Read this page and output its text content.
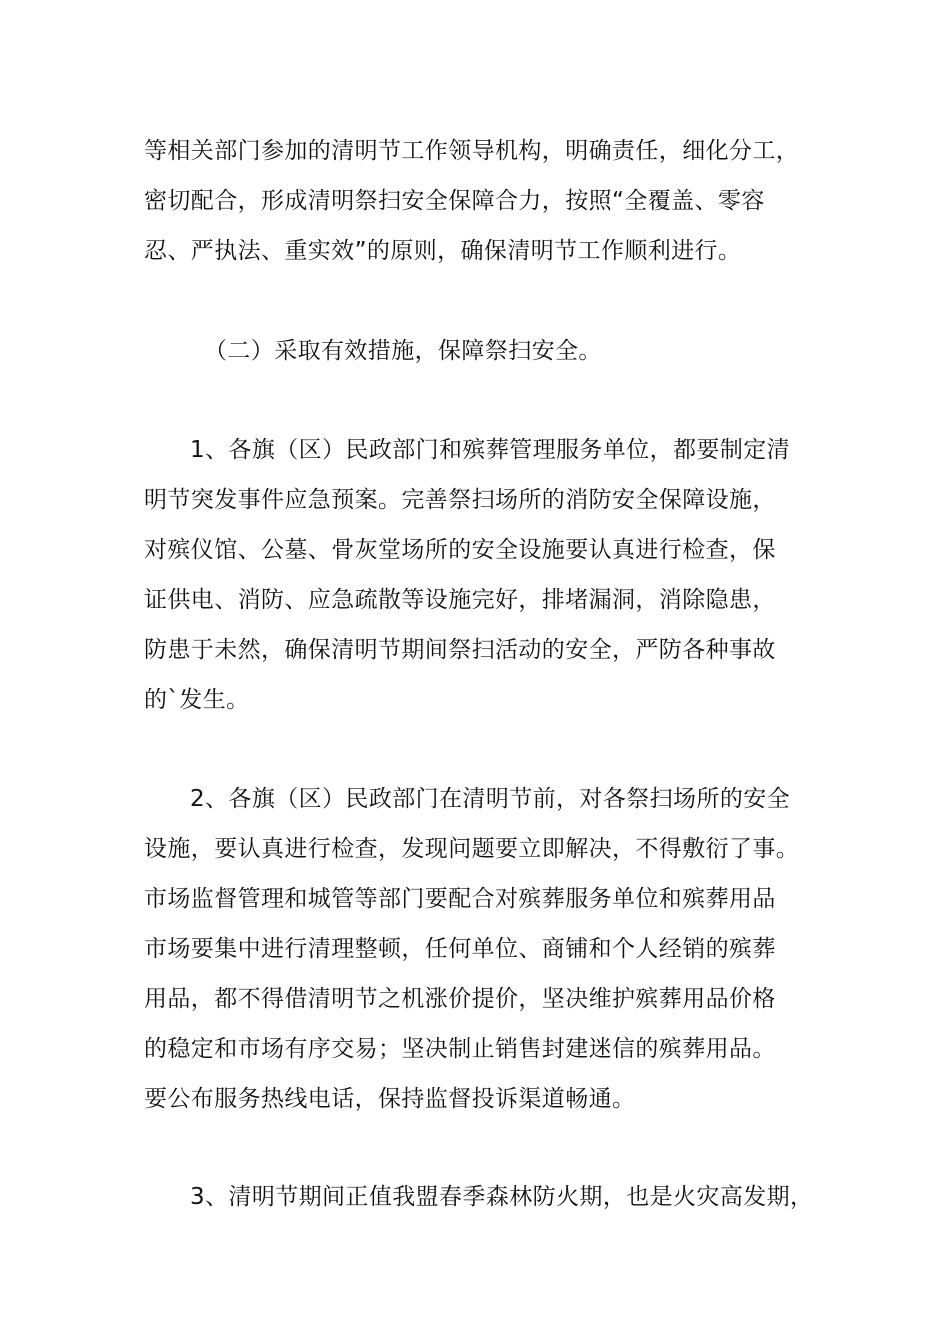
等相关部门参加的清明节工作领导机构，明确责任，细化分工，
密切配合，形成清明祭扫安全保障合力，按照“全覆盖、零容
忍、严执法、重实效”的原则，确保清明节工作顺利进行。
（二）采取有效措施，保障祭扫安全。
1、各旗（区）民政部门和殡葬管理服务单位，都要制定清
明节突发事件应急预案。完善祭扫场所的消防安全保障设施，
对殡仪馆、公墓、骨灰堂场所的安全设施要认真进行检查，保
证供电、消防、应急疏散等设施完好，排堵漏洞，消除隐患，
防患于未然，确保清明节期间祭扫活动的安全，严防各种事故
的`发生。
2、各旗（区）民政部门在清明节前，对各祭扫场所的安全
设施，要认真进行检查，发现问题要立即解决，不得敷衍了事。
市场监督管理和城管等部门要配合对殡葬服务单位和殡葬用品
市场要集中进行清理整顿，任何单位、商铺和个人经销的殡葬
用品，都不得借清明节之机涨价提价，坚决维护殡葬用品价格
的稳定和市场有序交易；坚决制止销售封建迷信的殡葬用品。
要公布服务热线电话，保持监督投诉渠道畅通。
3、清明节期间正值我盟春季森林防火期，也是火灾高发期，
